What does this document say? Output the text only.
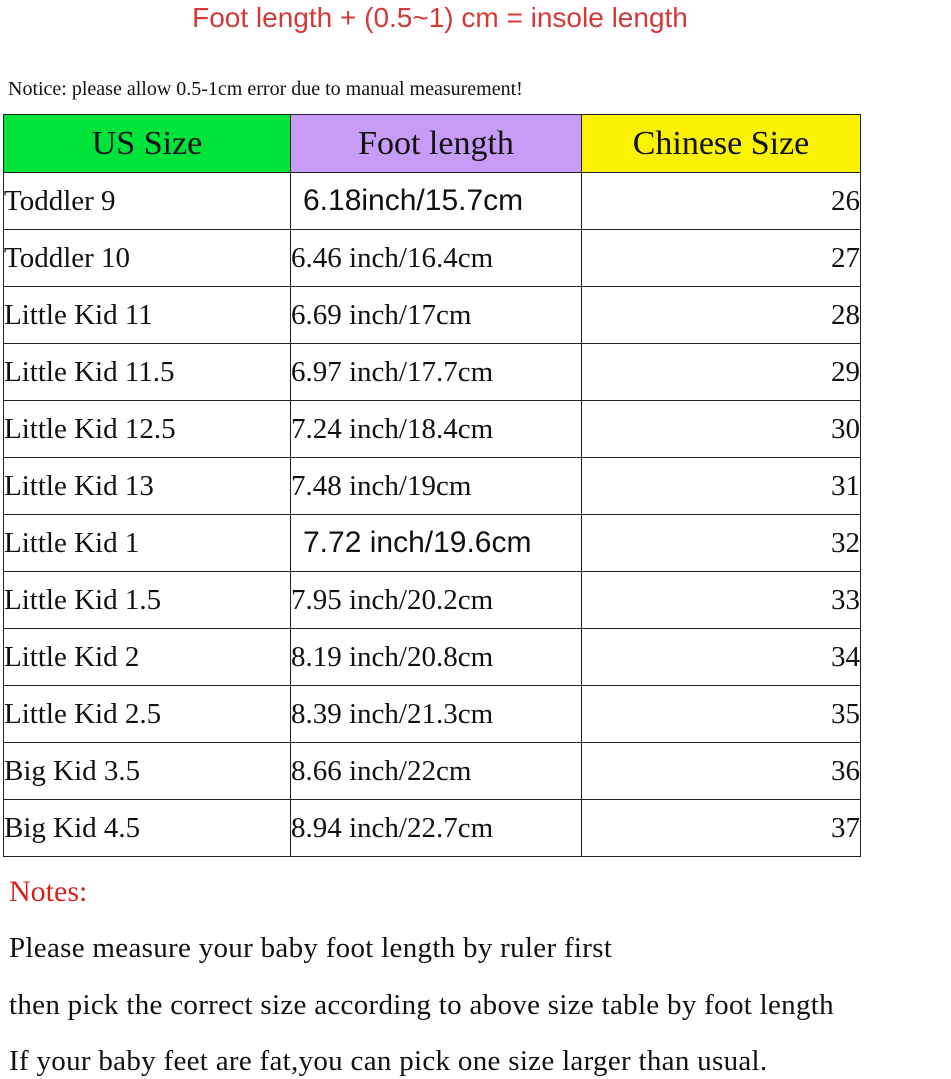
Foot length + (0.5~1) cm = insole length
Notice: please allow 0.5-1cm error due to manual measurement!
US Size	Foot length	Chinese Size
Toddler 9	6.18inch/15.7cm	26
Toddler 10	6.46 inch/16.4cm	27
Little Kid 11	6.69 inch/17cm	28
Little Kid 11.5	6.97 inch/17.7cm	29
Little Kid 12.5	7.24 inch/18.4cm	30
Little Kid 13	7.48 inch/19cm	31
Little Kid 1	7.72 inch/19.6cm	32
Little Kid 1.5	7.95 inch/20.2cm	33
Little Kid 2	8.19 inch/20.8cm	34
Little Kid 2.5	8.39 inch/21.3cm	35
Big Kid 3.5	8.66 inch/22cm	36
Big Kid 4.5	8.94 inch/22.7cm	37
Notes:
Please measure your baby foot length by ruler first
then pick the correct size according to above size table by foot length
If your baby feet are fat,you can pick one size larger than usual.
